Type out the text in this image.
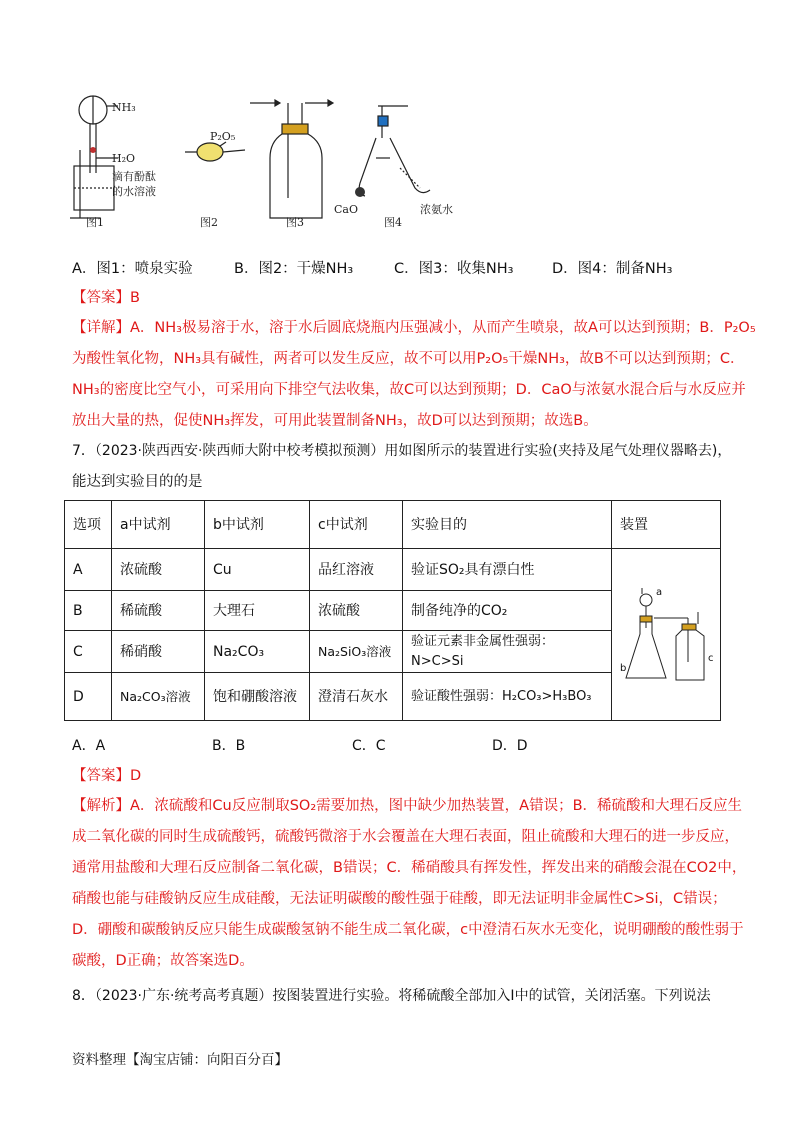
NH₃
H₂O
滴有酚酞
的水溶液
图1
P₂O₅
图2	图3
CaO	浓氨水
图4
A．图1：喷泉实验	B．图2：干燥NH₃	C．图3：收集NH₃	D．图4：制备NH₃
【答案】B
【详解】A．NH₃极易溶于水，溶于水后圆底烧瓶内压强减小，从而产生喷泉，故A可以达到预期；B．P₂O₅
为酸性氧化物，NH₃具有碱性，两者可以发生反应，故不可以用P₂O₅干燥NH₃，故B不可以达到预期；C．
NH₃的密度比空气小，可采用向下排空气法收集，故C可以达到预期；D．CaO与浓氨水混合后与水反应并
放出大量的热，促使NH₃挥发，可用此装置制备NH₃，故D可以达到预期；故选B。
7．（2023·陕西西安·陕西师大附中校考模拟预测）用如图所示的装置进行实验(夹持及尾气处理仪器略去)，
能达到实验目的的是
选项	a中试剂	b中试剂	c中试剂	实验目的	装置
A	浓硫酸	Cu	品红溶液	验证SO₂具有漂白性	a
b
c

B	稀硫酸	大理石	浓硫酸	制备纯净的CO₂	
C	稀硝酸	Na₂CO₃	Na₂SiO₃溶液	验证元素非金属性强弱：N>C>Si	
D	Na₂CO₃溶液	饱和硼酸溶液	澄清石灰水	验证酸性强弱：H₂CO₃>H₃BO₃	
A．A	B．B	C．C	D．D
【答案】D
【解析】A．浓硫酸和Cu反应制取SO₂需要加热，图中缺少加热装置，A错误；B．稀硫酸和大理石反应生
成二氧化碳的同时生成硫酸钙，硫酸钙微溶于水会覆盖在大理石表面，阻止硫酸和大理石的进一步反应，
通常用盐酸和大理石反应制备二氧化碳，B错误；C．稀硝酸具有挥发性，挥发出来的硝酸会混在CO2中，
硝酸也能与硅酸钠反应生成硅酸，无法证明碳酸的酸性强于硅酸，即无法证明非金属性C>Si，C错误；
D．硼酸和碳酸钠反应只能生成碳酸氢钠不能生成二氧化碳，c中澄清石灰水无变化，说明硼酸的酸性弱于
碳酸，D正确；故答案选D。
8．（2023·广东·统考高考真题）按图装置进行实验。将稀硫酸全部加入Ⅰ中的试管，关闭活塞。下列说法
资料整理【淘宝店铺：向阳百分百】
